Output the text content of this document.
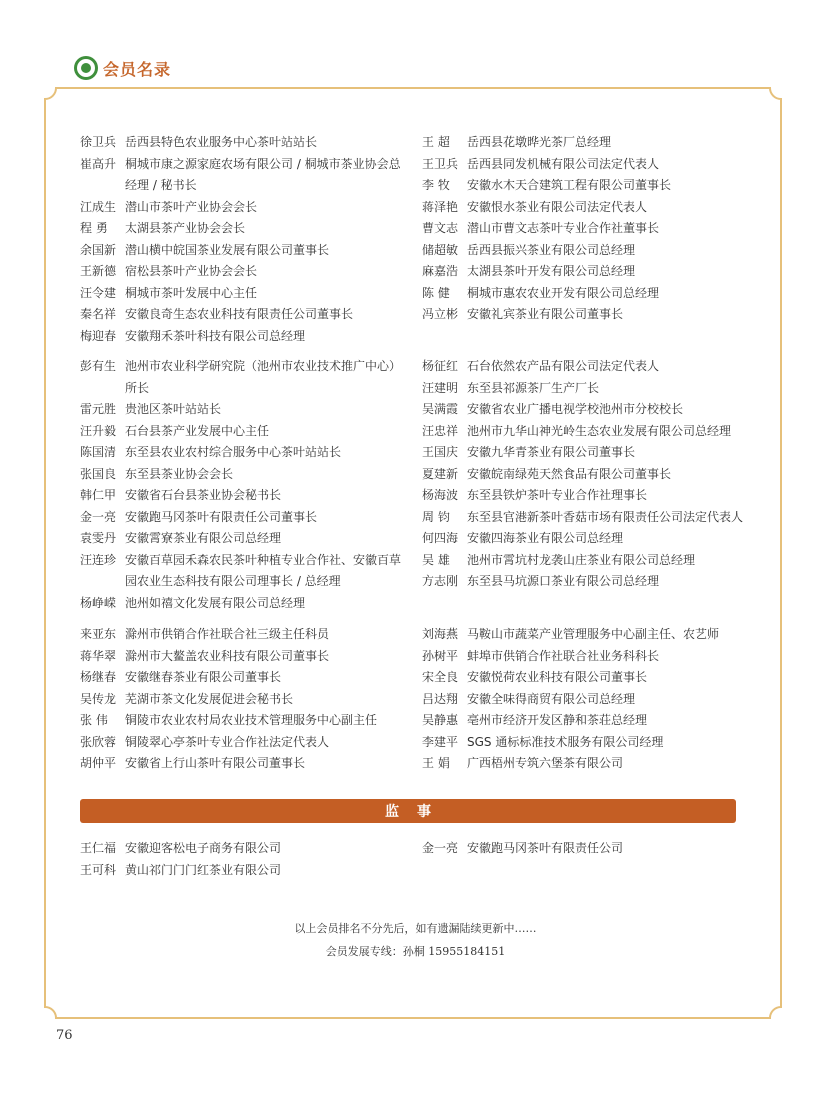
会员名录
徐卫兵 岳西县特色农业服务中心茶叶站站长
崔高升 桐城市康之源家庭农场有限公司 / 桐城市茶业协会总经理 / 秘书长
江成生 潜山市茶叶产业协会会长
程 勇	太湖县茶产业协会会长
余国新 潜山横中皖国茶业发展有限公司董事长
王新德 宿松县茶叶产业协会会长
汪令建 桐城市茶叶发展中心主任
秦名祥 安徽良奇生态农业科技有限责任公司董事长
梅迎春 安徽翔禾茶叶科技有限公司总经理
王 超	岳西县花墩晔光茶厂总经理
王卫兵 岳西县同发机械有限公司法定代表人
李 牧	安徽水木天合建筑工程有限公司董事长
蒋泽艳 安徽恨水茶业有限公司法定代表人
曹文志 潜山市曹文志茶叶专业合作社董事长
储超敏 岳西县振兴茶业有限公司总经理
麻嘉浩 太湖县茶叶开发有限公司总经理
陈 健	桐城市惠农农业开发有限公司总经理
冯立彬 安徽礼宾茶业有限公司董事长
彭有生 池州市农业科学研究院（池州市农业技术推广中心）所长
雷元胜 贵池区茶叶站站长
汪升毅 石台县茶产业发展中心主任
陈国清 东至县农业农村综合服务中心茶叶站站长
张国良 东至县茶业协会会长
韩仁甲 安徽省石台县茶业协会秘书长
金一亮 安徽跑马冈茶叶有限责任公司董事长
袁雯丹 安徽霄寮茶业有限公司总经理
汪连珍 安徽百草园禾森农民茶叶种植专业合作社、安徽百草园农业生态科技有限公司理事长 / 总经理
杨峥嵘 池州如禧文化发展有限公司总经理
杨征红 石台依然农产品有限公司法定代表人
汪建明 东至县祁源茶厂生产厂长
吴满霞 安徽省农业广播电视学校池州市分校校长
汪忠祥 池州市九华山神光岭生态农业发展有限公司总经理
王国庆 安徽九华青茶业有限公司董事长
夏建新 安徽皖南绿苑天然食品有限公司董事长
杨海波 东至县铁炉茶叶专业合作社理事长
周 钧	东至县官港新茶叶香菇市场有限责任公司法定代表人
何四海 安徽四海茶业有限公司总经理
吴 雄	池州市霄坑村龙袭山庄茶业有限公司总经理
方志刚 东至县马坑源口茶业有限公司总经理
来亚东 滁州市供销合作社联合社三级主任科员
蒋华翠 滁州市大鳌盖农业科技有限公司董事长
杨继春 安徽继春茶业有限公司董事长
吴传龙 芜湖市茶文化发展促进会秘书长
张 伟	铜陵市农业农村局农业技术管理服务中心副主任
张欣蓉 铜陵翠心亭茶叶专业合作社法定代表人
胡仲平 安徽省上行山茶叶有限公司董事长
刘海燕 马鞍山市蔬菜产业管理服务中心副主任、农艺师
孙树平 蚌埠市供销合作社联合社业务科科长
宋全良 安徽悦荷农业科技有限公司董事长
吕达翔 安徽全味得商贸有限公司总经理
吴静惠 亳州市经济开发区静和茶荘总经理
李建平 SGS 通标标准技术服务有限公司经理
王 娟	广西梧州专筑六堡茶有限公司
监事
王仁福 安徽迎客松电子商务有限公司
王可科 黄山祁门门门红茶业有限公司
金一亮 安徽跑马冈茶叶有限责任公司
以上会员排名不分先后，如有遗漏陆续更新中……
会员发展专线：孙桐 15955184151
76
